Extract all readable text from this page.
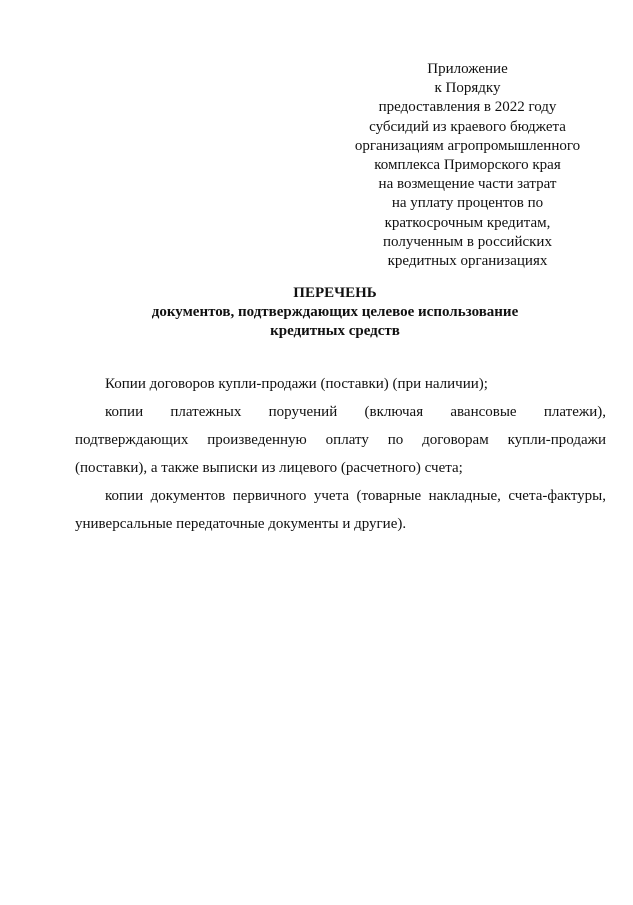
Приложение
к Порядку
предоставления в 2022 году
субсидий из краевого бюджета
организациям агропромышленного
комплекса Приморского края
на возмещение части затрат
на уплату процентов по
краткосрочным кредитам,
полученным в российских
кредитных организациях
ПЕРЕЧЕНЬ
документов, подтверждающих целевое использование
кредитных средств

Копии договоров купли-продажи (поставки) (при наличии);

копии платежных поручений (включая авансовые платежи),
подтверждающих произведенную оплату по договорам купли-продажи
(поставки), а также выписки из лицевого (расчетного) счета;
копии документов первичного учета (товарные накладные, счета-фактуры,
универсальные передаточные документы и другие).
